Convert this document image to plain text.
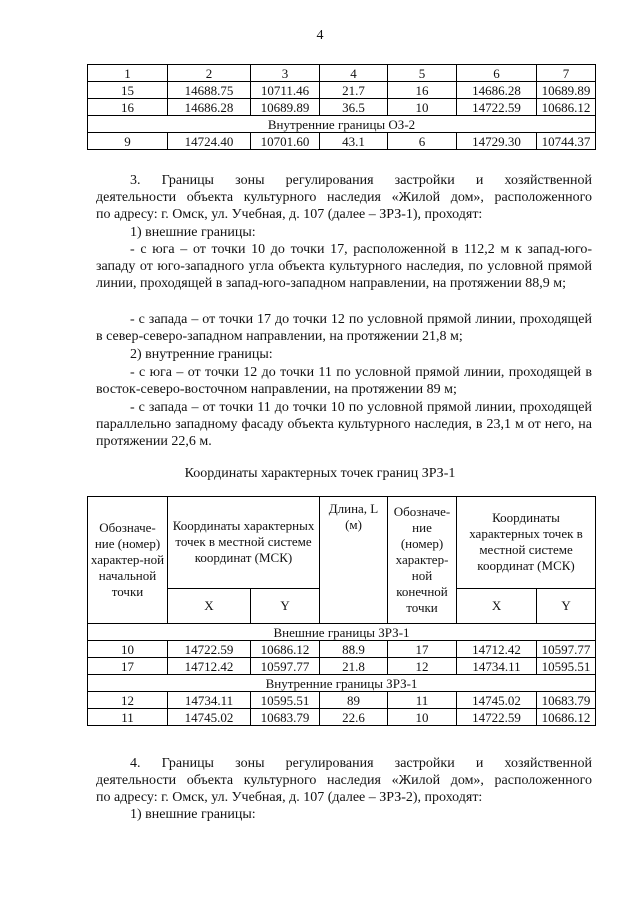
4
1	2	3	4	5	6	7
15	14688.75	10711.46	21.7	16	14686.28	10689.89
16	14686.28	10689.89	36.5	10	14722.59	10686.12
Внутренние границы ОЗ-2						
9	14724.40	10701.60	43.1	6	14729.30	10744.37

3. Границы зоны регулирования застройки и хозяйственной

деятельности объекта культурного наследия «Жилой дом», расположенного

по адресу: г. Омск, ул. Учебная, д. 107 (далее – ЗРЗ-1), проходят:

1) внешние границы:

- с юга – от точки 10 до точки 17, расположенной в 112,2 м к запад-юго-западу от юго-западного угла объекта культурного наследия, по условной прямой линии, проходящей в запад-юго-западном направлении, на протяжении 88,9 м;

- с запада – от точки 17 до точки 12 по условной прямой линии, проходящей в север-северо-западном направлении, на протяжении 21,8 м;

2) внутренние границы:

- с юга – от точки 12 до точки 11 по условной прямой линии, проходящей в восток-северо-восточном направлении, на протяжении 89 м;

- с запада – от точки 11 до точки 10 по условной прямой линии, проходящей параллельно западному фасаду объекта культурного наследия, в 23,1 м от него, на протяжении 22,6 м.

Координаты характерных точек границ ЗРЗ-1
Обозначе-ние (номер) характер-ной начальной точки	Координаты характерных точек в местной системе координат (МСК)		Длина, L (м)	Обозначе-ние (номер) характер-ной конечной точки	Координаты характерных точек в местной системе координат (МСК)	
	X	Y			X	Y
Внешние границы ЗРЗ-1						
10	14722.59	10686.12	88.9	17	14712.42	10597.77
17	14712.42	10597.77	21.8	12	14734.11	10595.51
Внутренние границы ЗРЗ-1						
12	14734.11	10595.51	89	11	14745.02	10683.79
11	14745.02	10683.79	22.6	10	14722.59	10686.12

4. Границы зоны регулирования застройки и хозяйственной

деятельности объекта культурного наследия «Жилой дом», расположенного

по адресу: г. Омск, ул. Учебная, д. 107 (далее – ЗРЗ-2), проходят:

1) внешние границы:
